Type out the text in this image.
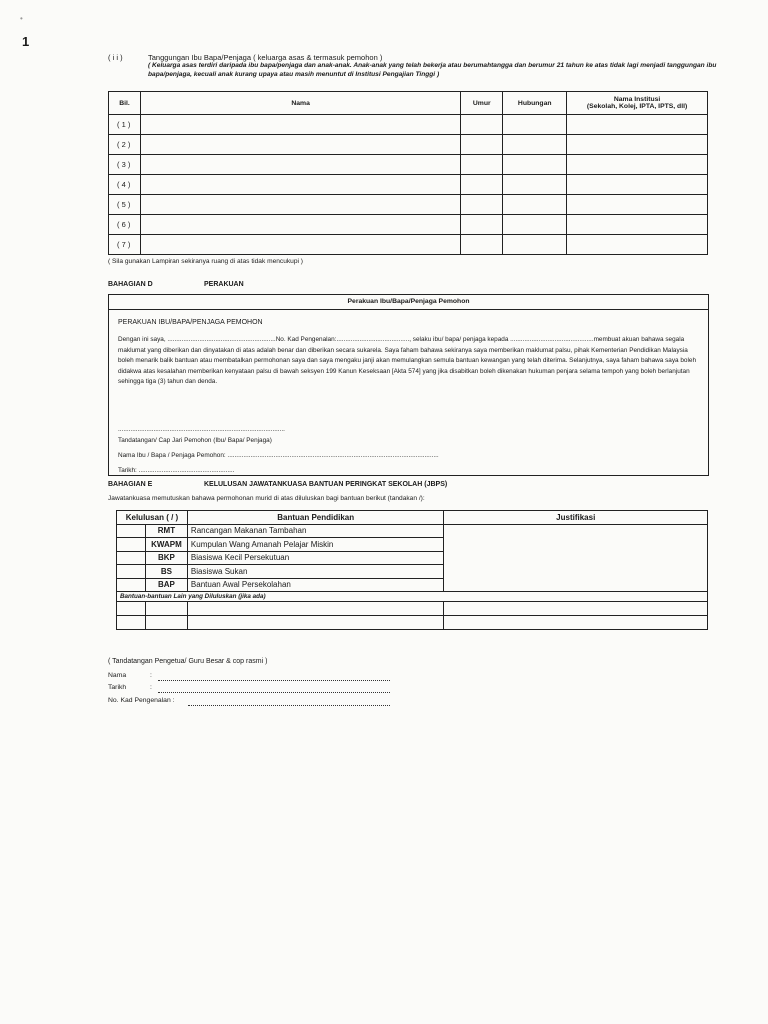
•
1
( i i )	Tanggungan Ibu Bapa/Penjaga ( keluarga asas & termasuk pemohon )
( Keluarga asas terdiri daripada ibu bapa/penjaga dan anak-anak. Anak-anak yang telah bekerja atau berumahtangga dan berumur 21 tahun ke atas tidak lagi menjadi tanggungan ibu bapa/penjaga, kecuali anak kurang upaya atau masih menuntut di Institusi Pengajian Tinggi )
Bil.	Nama	Umur	Hubungan	Nama Institusi
(Sekolah, Kolej, IPTA, IPTS, dll)
( 1 )				
( 2 )				
( 3 )				
( 4 )				
( 5 )				
( 6 )				
( 7 )				
( Sila gunakan Lampiran sekiranya ruang di atas tidak mencukupi )
BAHAGIAN D	PERAKUAN
Perakuan Ibu/Bapa/Penjaga Pemohon
PERAKUAN IBU/BAPA/PENJAGA PEMOHON
Dengan ini saya, .............................................................No. Kad Pengenalan:........................................., selaku ibu/ bapa/ penjaga kepada ...............................................membuat akuan bahawa segala maklumat yang diberikan dan dinyatakan di atas adalah benar dan diberikan secara sukarela. Saya faham bahawa sekiranya saya memberikan maklumat palsu, pihak Kementerian Pendidikan Malaysia boleh menarik balik bantuan atau membatalkan permohonan saya dan saya mengaku janji akan memulangkan semula bantuan kewangan yang telah diterima. Selanjutnya, saya faham bahawa saya boleh didakwa atas kesalahan memberikan kenyataan palsu di bawah seksyen 199 Kanun Keseksaan [Akta 574] yang jika disabitkan boleh dikenakan hukuman penjara selama tempoh yang boleh berlanjutan sehingga tiga (3) tahun dan denda.
..............................................................................................
Tandatangan/ Cap Jari Pemohon (Ibu/ Bapa/ Penjaga)
Nama Ibu / Bapa / Penjaga Pemohon: .......................................................................................................................
Tarikh: ......................................................
BAHAGIAN E	KELULUSAN JAWATANKUASA BANTUAN PERINGKAT SEKOLAH (JBPS)
Jawatankuasa memutuskan bahawa permohonan murid di atas diluluskan bagi bantuan berikut (tandakan /):
Kelulusan ( / )		Bantuan Pendidikan	Justifikasi
	RMT	Rancangan Makanan Tambahan	
	KWAPM	Kumpulan Wang Amanah Pelajar Miskin	
	BKP	Biasiswa Kecil Persekutuan	
	BS	Biasiswa Sukan	
	BAP	Bantuan Awal Persekolahan	
Bantuan-bantuan Lain yang Diluluskan (jika ada)			

( Tandatangan Pengetua/ Guru Besar & cop rasmi )
Nama	:
Tarikh	:
No. Kad Pengenalan :
